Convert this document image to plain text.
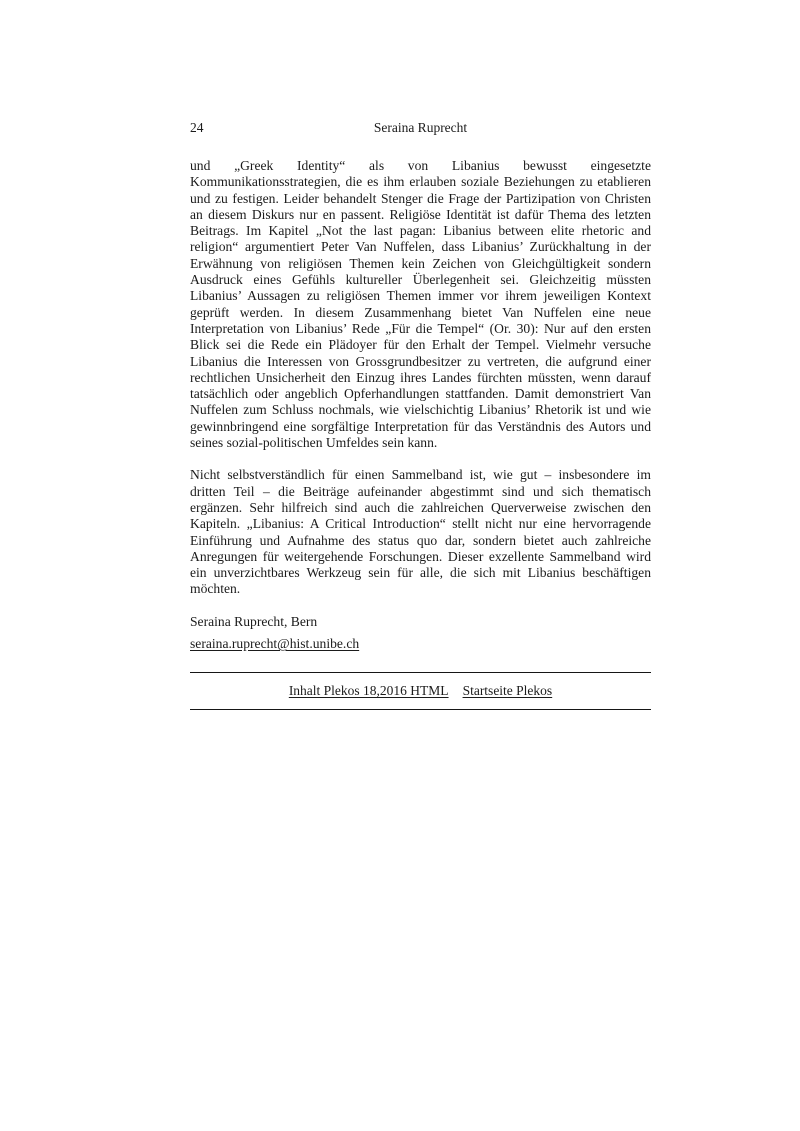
24	Seraina Ruprecht

und „Greek Identity“ als von Libanius bewusst eingesetzte Kommunikationsstrategien, die es ihm erlauben soziale Beziehungen zu etablieren und zu festigen. Leider behandelt Stenger die Frage der Partizipation von Christen an diesem Diskurs nur en passent. Religiöse Identität ist dafür Thema des letzten Beitrags. Im Kapitel „Not the last pagan: Libanius between elite rhetoric and religion“ argumentiert Peter Van Nuffelen, dass Libanius’ Zurückhaltung in der Erwähnung von religiösen Themen kein Zeichen von Gleichgültigkeit sondern Ausdruck eines Gefühls kultureller Überlegenheit sei. Gleichzeitig müssten Libanius’ Aussagen zu religiösen Themen immer vor ihrem jeweiligen Kontext geprüft werden. In diesem Zusammenhang bietet Van Nuffelen eine neue Interpretation von Libanius’ Rede „Für die Tempel“ (Or. 30): Nur auf den ersten Blick sei die Rede ein Plädoyer für den Erhalt der Tempel. Vielmehr versuche Libanius die Interessen von Grossgrundbesitzer zu vertreten, die aufgrund einer rechtlichen Unsicherheit den Einzug ihres Landes fürchten müssten, wenn darauf tatsächlich oder angeblich Opferhandlungen stattfanden. Damit demonstriert Van Nuffelen zum Schluss nochmals, wie vielschichtig Libanius’ Rhetorik ist und wie gewinnbringend eine sorgfältige Interpretation für das Verständnis des Autors und seines sozial-politischen Umfeldes sein kann.

Nicht selbstverständlich für einen Sammelband ist, wie gut – insbesondere im dritten Teil – die Beiträge aufeinander abgestimmt sind und sich thematisch ergänzen. Sehr hilfreich sind auch die zahlreichen Querverweise zwischen den Kapiteln. „Libanius: A Critical Introduction“ stellt nicht nur eine hervorragende Einführung und Aufnahme des status quo dar, sondern bietet auch zahlreiche Anregungen für weitergehende Forschungen. Dieser exzellente Sammelband wird ein unverzichtbares Werkzeug sein für alle, die sich mit Libanius beschäftigen möchten.

Seraina Ruprecht, Bern
seraina.ruprecht@hist.unibe.ch
Inhalt Plekos 18,2016 HTML Startseite Plekos
